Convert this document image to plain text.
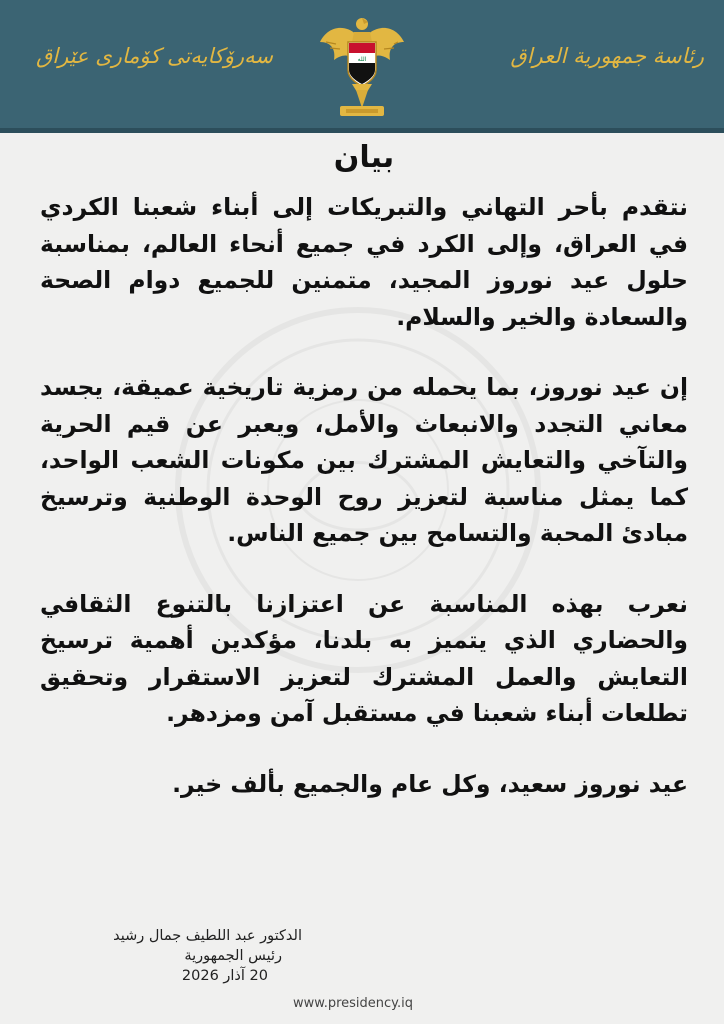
رئاسة جمهورية العراق
الله
سەرۆکایەتی کۆماری عێراق
بيان

نتقدم بأحر التهاني والتبريكات إلى أبناء شعبنا الكردي في العراق، وإلى الكرد في جميع أنحاء العالم، بمناسبة حلول عيد نوروز المجيد، متمنين للجميع دوام الصحة والسعادة والخير والسلام.

إن عيد نوروز، بما يحمله من رمزية تاريخية عميقة، يجسد معاني التجدد والانبعاث والأمل، ويعبر عن قيم الحرية والتآخي والتعايش المشترك بين مكونات الشعب الواحد، كما يمثل مناسبة لتعزيز روح الوحدة الوطنية وترسيخ مبادئ المحبة والتسامح بين جميع الناس.

نعرب بهذه المناسبة عن اعتزازنا بالتنوع الثقافي والحضاري الذي يتميز به بلدنا، مؤكدين أهمية ترسيخ التعايش والعمل المشترك لتعزيز الاستقرار وتحقيق تطلعات أبناء شعبنا في مستقبل آمن ومزدهر.

عيد نوروز سعيد، وكل عام والجميع بألف خير.

الدكتور عبد اللطيف جمال رشيد
رئيس الجمهورية
20 آذار 2026
www.presidency.iq
